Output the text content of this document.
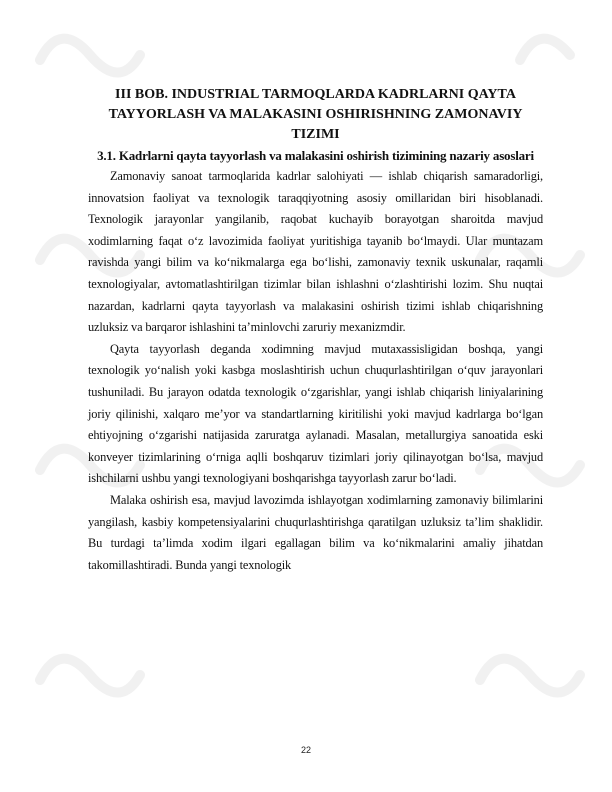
III BOB. INDUSTRIAL TARMOQLARDA KADRLARNI QAYTA TAYYORLASH VA MALAKASINI OSHIRISHNING ZAMONAVIY TIZIMI

3.1. Kadrlarni qayta tayyorlash va malakasini oshirish tizimining nazariy asoslari

Zamonaviy sanoat tarmoqlarida kadrlar salohiyati — ishlab chiqarish samaradorligi, innovatsion faoliyat va texnologik taraqqiyotning asosiy omillaridan biri hisoblanadi. Texnologik jarayonlar yangilanib, raqobat kuchayib borayotgan sharoitda mavjud xodimlarning faqat o‘z lavozimida faoliyat yuritishiga tayanib bo‘lmaydi. Ular muntazam ravishda yangi bilim va ko‘nikmalarga ega bo‘lishi, zamonaviy texnik uskunalar, raqamli texnologiyalar, avtomatlashtirilgan tizimlar bilan ishlashni o‘zlashtirishi lozim. Shu nuqtai nazardan, kadrlarni qayta tayyorlash va malakasini oshirish tizimi ishlab chiqarishning uzluksiz va barqaror ishlashini ta’minlovchi zaruriy mexanizmdir.

Qayta tayyorlash deganda xodimning mavjud mutaxassisligidan boshqa, yangi texnologik yo‘nalish yoki kasbga moslashtirish uchun chuqurlashtirilgan o‘quv jarayonlari tushuniladi. Bu jarayon odatda texnologik o‘zgarishlar, yangi ishlab chiqarish liniyalarining joriy qilinishi, xalqaro me’yor va standartlarning kiritilishi yoki mavjud kadrlarga bo‘lgan ehtiyojning o‘zgarishi natijasida zaruratga aylanadi. Masalan, metallurgiya sanoatida eski konveyer tizimlarining o‘rniga aqlli boshqaruv tizimlari joriy qilinayotgan bo‘lsa, mavjud ishchilarni ushbu yangi texnologiyani boshqarishga tayyorlash zarur bo‘ladi.

Malaka oshirish esa, mavjud lavozimda ishlayotgan xodimlarning zamonaviy bilimlarini yangilash, kasbiy kompetensiyalarini chuqurlashtirishga qaratilgan uzluksiz ta’lim shaklidir. Bu turdagi ta’limda xodim ilgari egallagan bilim va ko‘nikmalarini amaliy jihatdan takomillashtiradi. Bunda yangi texnologik

22
